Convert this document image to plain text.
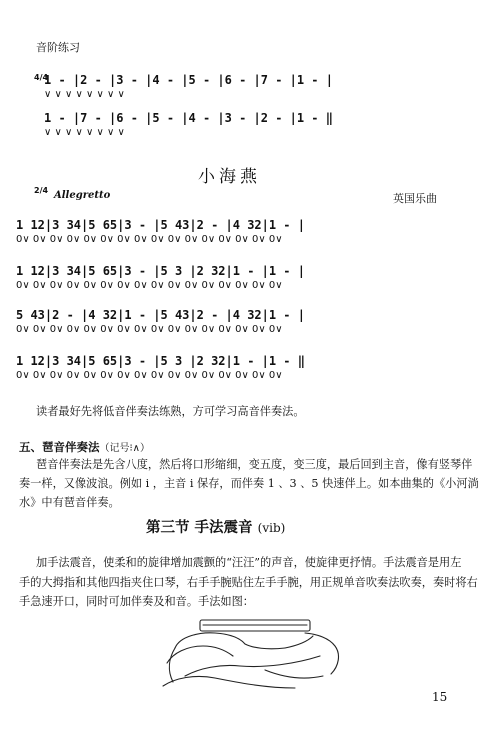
音阶练习
4/4
1 - |2 - |3 - |4 - |5 - |6 - |7 - |1 - |
∨ ∨ ∨ ∨ ∨ ∨ ∨ ∨
1 - |7 - |6 - |5 - |4 - |3 - |2 - |1 - ‖
∨ ∨ ∨ ∨ ∨ ∨ ∨ ∨
小海燕
2/4 Allegretto	英国乐曲
1 12|3 34|5 65|3 - |5 43|2 - |4 32|1 - |
0∨ 0∨ 0∨ 0∨ 0∨ 0∨ 0∨ 0∨ 0∨ 0∨ 0∨ 0∨ 0∨ 0∨ 0∨ 0∨
1 12|3 34|5 65|3 - |5 3 |2 32|1 - |1 - |
0∨ 0∨ 0∨ 0∨ 0∨ 0∨ 0∨ 0∨ 0∨ 0∨ 0∨ 0∨ 0∨ 0∨ 0∨ 0∨
5 43|2 - |4 32|1 - |5 43|2 - |4 32|1 - |
0∨ 0∨ 0∨ 0∨ 0∨ 0∨ 0∨ 0∨ 0∨ 0∨ 0∨ 0∨ 0∨ 0∨ 0∨ 0∨
1 12|3 34|5 65|3 - |5 3 |2 32|1 - |1 - ‖
0∨ 0∨ 0∨ 0∨ 0∨ 0∨ 0∨ 0∨ 0∨ 0∨ 0∨ 0∨ 0∨ 0∨ 0∨ 0∨
读者最好先将低音伴奏法练熟，方可学习高音伴奏法。
五、琶音伴奏法（记号⁝∧）
琶音伴奏法是先含八度，然后将口形缩细，变五度，变三度，最后回到主音，像有竖琴伴
奏一样，又像波浪。例如 i ，主音 i 保存，而伴奏 1 、3 、5 快速伴上。如本曲集的《小河淌
水》中有琶音伴奏。
第三节 手法震音 (vib)
加手法震音，使柔和的旋律增加震颤的“汪汪”的声音，使旋律更抒情。手法震音是用左
手的大拇指和其他四指夹住口琴，右手手腕贴住左手手腕，用正规单音吹奏法吹奏，奏时将右
手急速开口，同时可加伴奏及和音。手法如图：
15
